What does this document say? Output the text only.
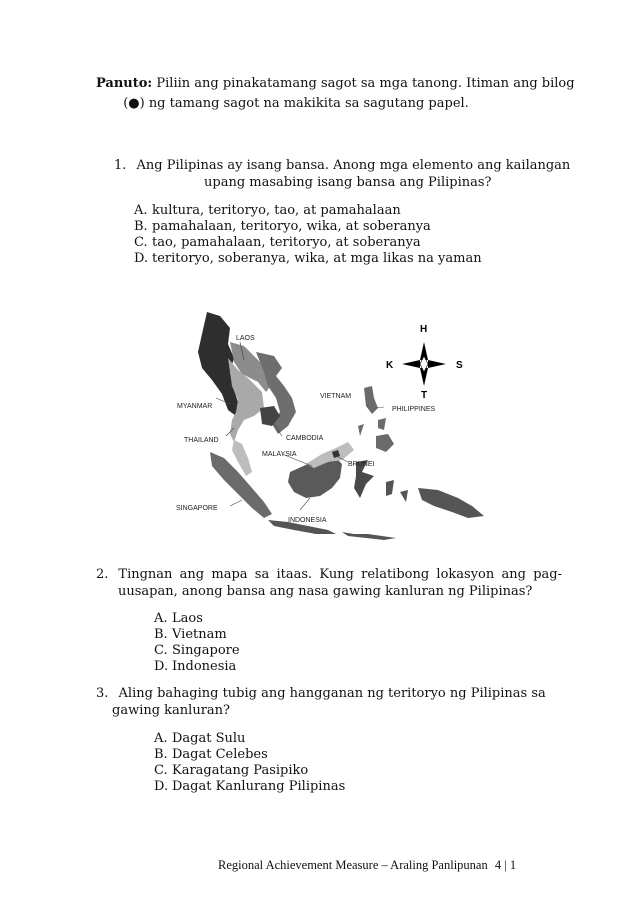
Panuto: Piliin ang pinakatamang sagot sa mga tanong. Itiman ang bilog
(●) ng tamang sagot na makikita sa sagutang papel.
1. Ang Pilipinas ay isang bansa. Anong mga elemento ang kailangan
upang masabing isang bansa ang Pilipinas?
A. kultura, teritoryo, tao, at pamahalaan
B. pamahalaan, teritoryo, wika, at soberanya
C. tao, pamahalaan, teritoryo, at soberanya
D. teritoryo, soberanya, wika, at mga likas na yaman
LAOS
MYANMAR
VIETNAM
THAILAND	CAMBODIA
MALAYSIA
BRUNEI
PHILIPPINES
SINGAPORE
INDONESIA
H
T
K	S
2. Tingnan ang mapa sa itaas. Kung relatibong lokasyon ang pag-
uusapan, anong bansa ang nasa gawing kanluran ng Pilipinas?
A. Laos
B. Vietnam
C. Singapore
D. Indonesia
3. Aling bahaging tubig ang hangganan ng teritoryo ng Pilipinas sa
gawing kanluran?
A. Dagat Sulu
B. Dagat Celebes
C. Karagatang Pasipiko
D. Dagat Kanlurang Pilipinas
Regional Achievement Measure – Araling Panlipunan 4 | 1
